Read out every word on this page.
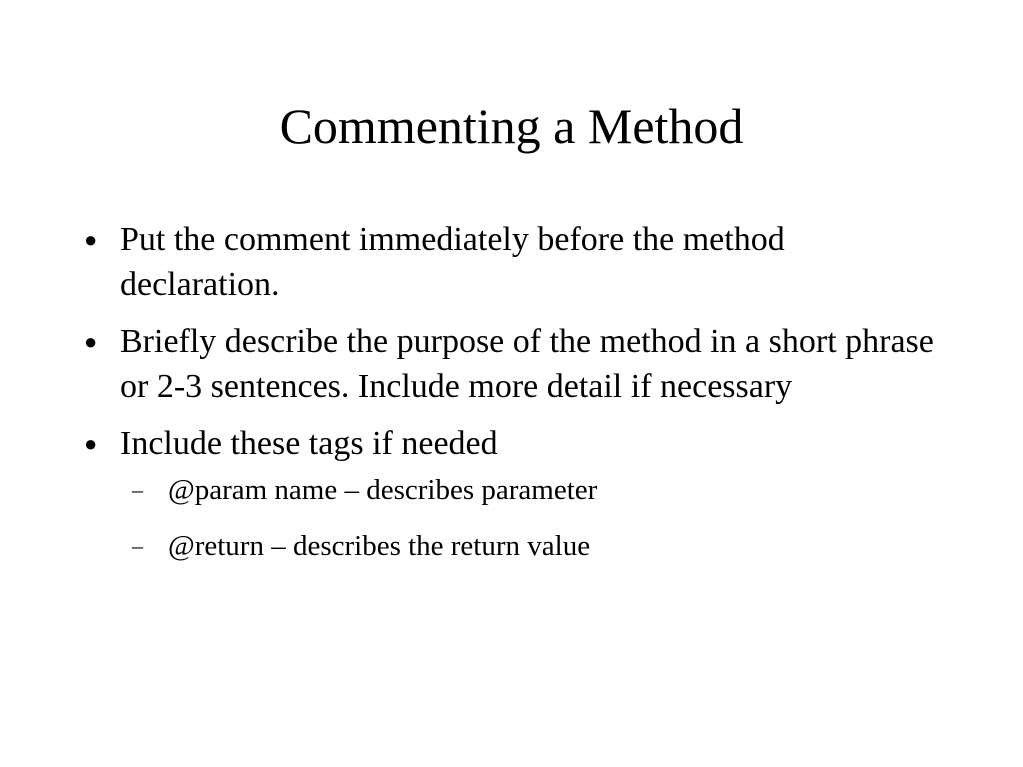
Commenting a Method
● Put the comment immediately before the method declaration.
● Briefly describe the purpose of the method in a short phrase or 2-3 sentences. Include more detail if necessary
● Include these tags if needed
– @param name – describes parameter
– @return – describes the return value
